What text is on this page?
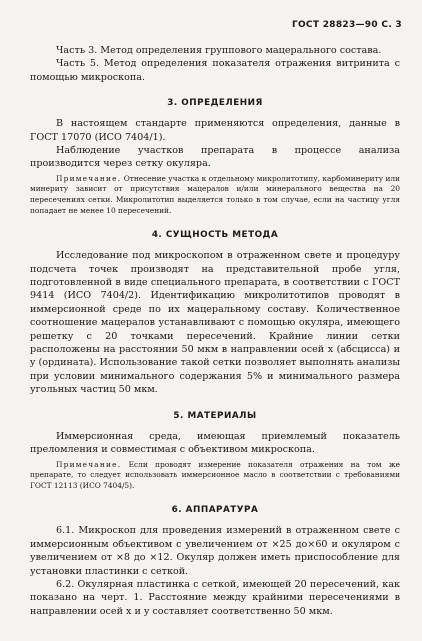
ГОСТ 28823—90 С. 3

Часть 3. Метод определения группового мацерального состава.

Часть 5. Метод определения показателя отражения витринита с помощью микроскопа.

3. ОПРЕДЕЛЕНИЯ

В настоящем стандарте применяются определения, данные в ГОСТ 17070 (ИСО 7404/1).

Наблюдение участков препарата в процессе анализа производится через сетку окуляра.

Примечание. Отнесение участка к отдельному микролитотипу, карбоминериту или минериту зависит от присутствия мацералов и/или минерального вещества на 20 пересечениях сетки. Микролитотип выделяется только в том случае, если на частицу угля попадает не менее 10 пересечений.

4. СУЩНОСТЬ МЕТОДА

Исследование под микроскопом в отраженном свете и процедуру подсчета точек производят на представительной пробе угля, подготовленной в виде специального препарата, в соответствии с ГОСТ 9414 (ИСО 7404/2). Идентификацию микролитотипов проводят в иммерсионной среде по их мацеральному составу. Количественное соотношение мацералов устанавливают с помощью окуляра, имеющего решетку с 20 точками пересечений. Крайние линии сетки расположены на расстоянии 50 мкм в направлении осей x (абсцисса) и y (ордината). Использование такой сетки позволяет выполнять анализы при условии минимального содержания 5% и минимального размера угольных частиц 50 мкм.

5. МАТЕРИАЛЫ

Иммерсионная среда, имеющая приемлемый показатель преломления и совместимая с объективом микроскопа.

Примечание. Если проводят измерение показателя отражения на том же препарате, то следует использовать иммерсионное масло в соответствии с требованиями ГОСТ 12113 (ИСО 7404/5).

6. АППАРАТУРА

6.1. Микроскоп для проведения измерений в отраженном свете с иммерсионным объективом с увеличением от ×25 до×60 и окуляром с увеличением от ×8 до ×12. Окуляр должен иметь приспособление для установки пластинки с сеткой.

6.2. Окулярная пластинка с сеткой, имеющей 20 пересечений, как показано на черт. 1. Расстояние между крайними пересечениями в направлении осей x и y составляет соответственно 50 мкм.
